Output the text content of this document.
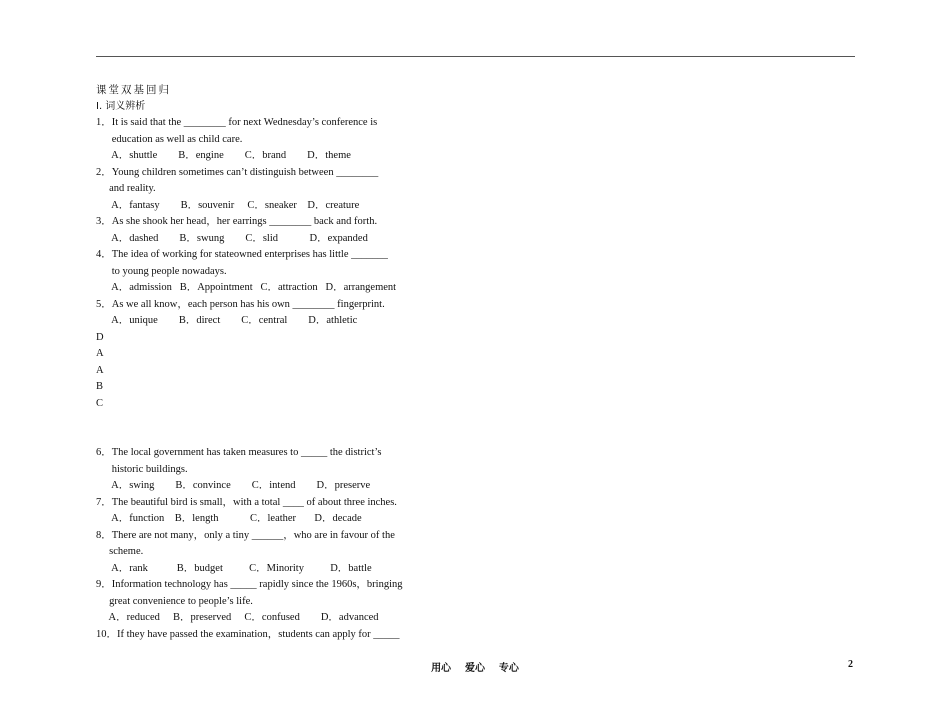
课堂双基回归
Ⅰ. 词义辨析
1．It is said that the ________ for next Wednesday’s conference is
education as well as child care.
A．shuttle        B．engine        C．brand        D．theme
2．Young children sometimes can’t distinguish between ________
and reality.
A．fantasy        B．souvenir     C．sneaker    D．creature
3．As she shook her head，her earrings ________ back and forth.
A．dashed        B．swung        C．slid            D．expanded
4．The idea of working for stateowned enterprises has little _______
to young people nowadays.
A．admission   B．Appointment   C．attraction   D．arrangement
5．As we all know，each person has his own ________ fingerprint.
A．unique        B．direct        C．central        D．athletic
D
A
A
B
C
6．The local government has taken measures to _____ the district’s
historic buildings.
A．swing        B．convince        C．intend        D．preserve
7．The beautiful bird is small，with a total ____ of about three inches.
A．function    B．length            C．leather       D．decade
8．There are not many，only a tiny ______，who are in favour of the
scheme.
A．rank           B．budget          C．Minority          D．battle
9．Information technology has _____ rapidly since the 1960s，bringing
great convenience to people’s life.
A．reduced     B．preserved     C．confused        D．advanced
10．If they have passed the examination，students can apply for _____
用心    爱心    专心	2
